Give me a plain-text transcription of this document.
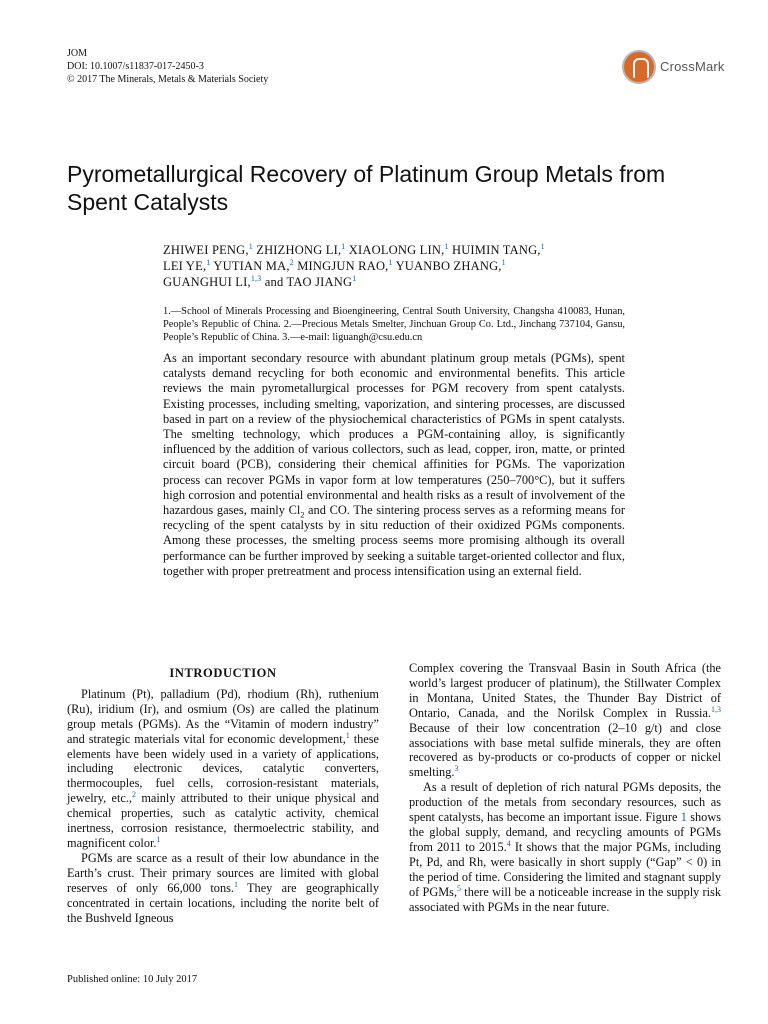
JOM
DOI: 10.1007/s11837-017-2450-3
© 2017 The Minerals, Metals & Materials Society
CrossMark
Pyrometallurgical Recovery of Platinum Group Metals from Spent Catalysts
ZHIWEI PENG,$^1$ ZHIZHONG LI,$^1$ XIAOLONG LIN,$^1$ HUIMIN TANG,$^1$
LEI YE,$^1$ YUTIAN MA,$^2$ MINGJUN RAO,$^1$ YUANBO ZHANG,$^1$
GUANGHUI LI,$^{1,3}$ and TAO JIANG$^1$
1.—School of Minerals Processing and Bioengineering, Central South University, Changsha 410083, Hunan, People’s Republic of China. 2.—Precious Metals Smelter, Jinchuan Group Co. Ltd., Jinchang 737104, Gansu, People’s Republic of China. 3.—e-mail: liguangh@csu.edu.cn

As an important secondary resource with abundant platinum group metals (PGMs), spent catalysts demand recycling for both economic and environmental benefits. This article reviews the main pyrometallurgical processes for PGM recovery from spent catalysts. Existing processes, including smelting, vaporization, and sintering processes, are discussed based in part on a review of the physiochemical characteristics of PGMs in spent catalysts. The smelting technology, which produces a PGM-containing alloy, is significantly influenced by the addition of various collectors, such as lead, copper, iron, matte, or printed circuit board (PCB), considering their chemical affinities for PGMs. The vaporization process can recover PGMs in vapor form at low temperatures (250–700°C), but it suffers high corrosion and potential environmental and health risks as a result of involvement of the hazardous gases, mainly $Cl_2$ and CO. The sintering process serves as a reforming means for recycling of the spent catalysts by in situ reduction of their oxidized PGMs components. Among these processes, the smelting process seems more promising although its overall performance can be further improved by seeking a suitable target-oriented collector and flux, together with proper pretreatment and process intensification using an external field.

INTRODUCTION

Platinum (Pt), palladium (Pd), rhodium (Rh), ruthenium (Ru), iridium (Ir), and osmium (Os) are called the platinum group metals (PGMs). As the “Vitamin of modern industry” and strategic materials vital for economic development,$^1$ these elements have been widely used in a variety of applications, including electronic devices, catalytic converters, thermocouples, fuel cells, corrosion-resistant materials, jewelry, etc.,$^2$ mainly attributed to their unique physical and chemical properties, such as catalytic activity, chemical inertness, corrosion resistance, thermoelectric stability, and magnificent color.$^1$

PGMs are scarce as a result of their low abundance in the Earth’s crust. Their primary sources are limited with global reserves of only 66,000 tons.$^1$ They are geographically concentrated in certain locations, including the norite belt of the Bushveld Igneous

Complex covering the Transvaal Basin in South Africa (the world’s largest producer of platinum), the Stillwater Complex in Montana, United States, the Thunder Bay District of Ontario, Canada, and the Norilsk Complex in Russia.$^{1,3}$ Because of their low concentration (2–10 g/t) and close associations with base metal sulfide minerals, they are often recovered as by-products or co-products of copper or nickel smelting.$^3$

As a result of depletion of rich natural PGMs deposits, the production of the metals from secondary resources, such as spent catalysts, has become an important issue. Figure 1 shows the global supply, demand, and recycling amounts of PGMs from 2011 to 2015.$^4$ It shows that the major PGMs, including Pt, Pd, and Rh, were basically in short supply (“Gap” < 0) in the period of time. Considering the limited and stagnant supply of PGMs,$^5$ there will be a noticeable increase in the supply risk associated with PGMs in the near future.

Published online: 10 July 2017
